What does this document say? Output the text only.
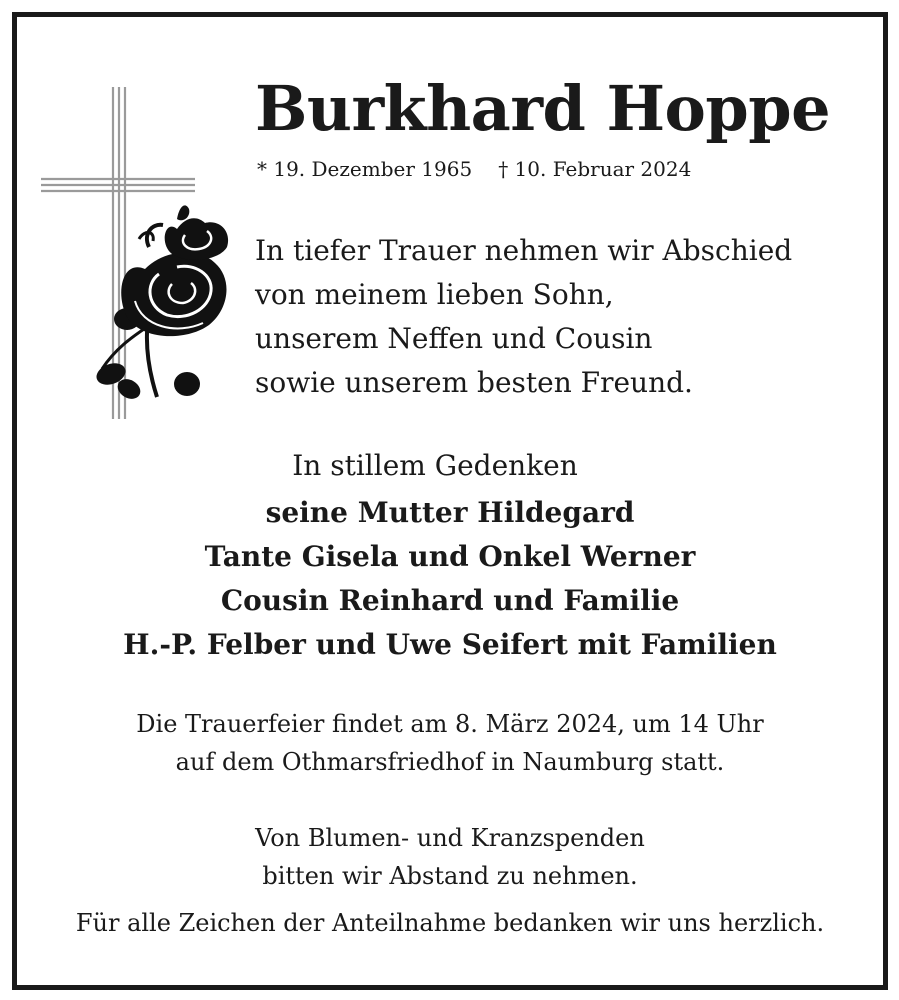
Burkhard Hoppe
* 19. Dezember 1965 † 10. Februar 2024
In tiefer Trauer nehmen wir Abschied
von meinem lieben Sohn,
unserem Neffen und Cousin
sowie unserem besten Freund.
In stillem Gedenken
seine Mutter Hildegard
Tante Gisela und Onkel Werner
Cousin Reinhard und Familie
H.-P. Felber und Uwe Seifert mit Familien
Die Trauerfeier findet am 8. März 2024, um 14 Uhr
auf dem Othmarsfriedhof in Naumburg statt.
Von Blumen- und Kranzspenden
bitten wir Abstand zu nehmen.
Für alle Zeichen der Anteilnahme bedanken wir uns herzlich.
